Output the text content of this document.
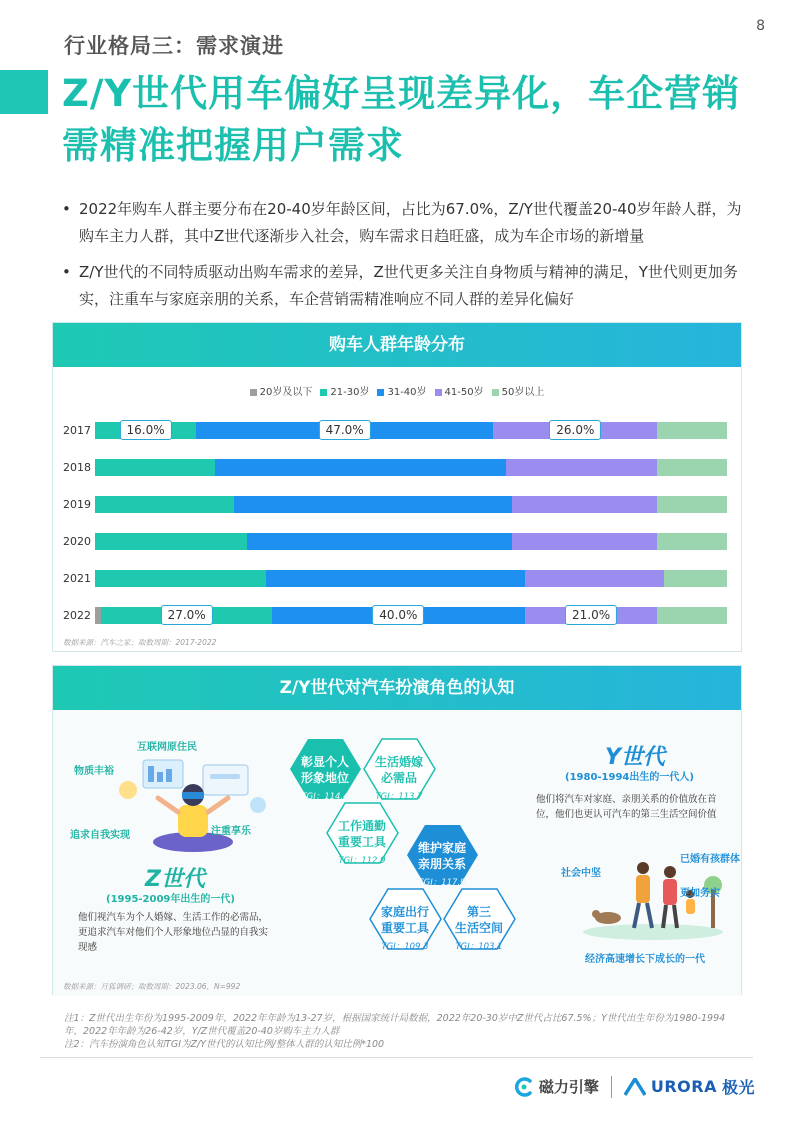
8
行业格局三：需求演进
Z/Y世代用车偏好呈现差异化，车企营销
需精准把握用户需求
• 2022年购车人群主要分布在20-40岁年龄区间，占比为67.0%，Z/Y世代覆盖20-40岁年龄人群，为购车主力人群，其中Z世代逐渐步入社会，购车需求日趋旺盛，成为车企市场的新增量
• Z/Y世代的不同特质驱动出购车需求的差异，Z世代更多关注自身物质与精神的满足，Y世代则更加务实，注重车与家庭亲朋的关系，车企营销需精准响应不同人群的差异化偏好
购车人群年龄分布
20岁及以下 21-30岁 31-40岁 41-50岁 50岁以上
2017	16.0%	47.0%	26.0%
2018
2019
2020
2021
2022	27.0%	40.0%	21.0%
数据来源：汽车之家；取数周期：2017-2022
Z/Y世代对汽车扮演角色的认知
互联网原住民
物质丰裕
追求自我实现	注重享乐
Z世代
(1995-2009年出生的一代)
他们视汽车为个人婚嫁、生活工作的必需品，更追求汽车对他们个人形象地位凸显的自我实现感
彰显个人
形象地位
TGI：114.4
生活婚嫁
必需品
TGI：113.7
工作通勤
重要工具
TGI：112.9
维护家庭
亲朋关系
TGI：117.9
家庭出行
重要工具
TGI：109.3
第三
生活空间
TGI：103.1
Y世代
(1980-1994出生的一代人)
他们将汽车对家庭、亲朋关系的价值放在首位，他们也更认可汽车的第三生活空间价值
已婚有孩群体
社会中坚
更加务实
经济高速增长下成长的一代
数据来源：月狐调研；取数周期：2023.06，N=992
注1：Z世代出生年份为1995-2009年，2022年年龄为13-27岁，根据国家统计局数据，2022年20-30岁中Z世代占比67.5%；Y世代出生年份为1980-1994年，2022年年龄为26-42岁，Y/Z世代覆盖20-40岁购车主力人群
注2：汽车扮演角色认知TGI为Z/Y世代的认知比例/整体人群的认知比例*100
磁力引擎	URORA 极光
